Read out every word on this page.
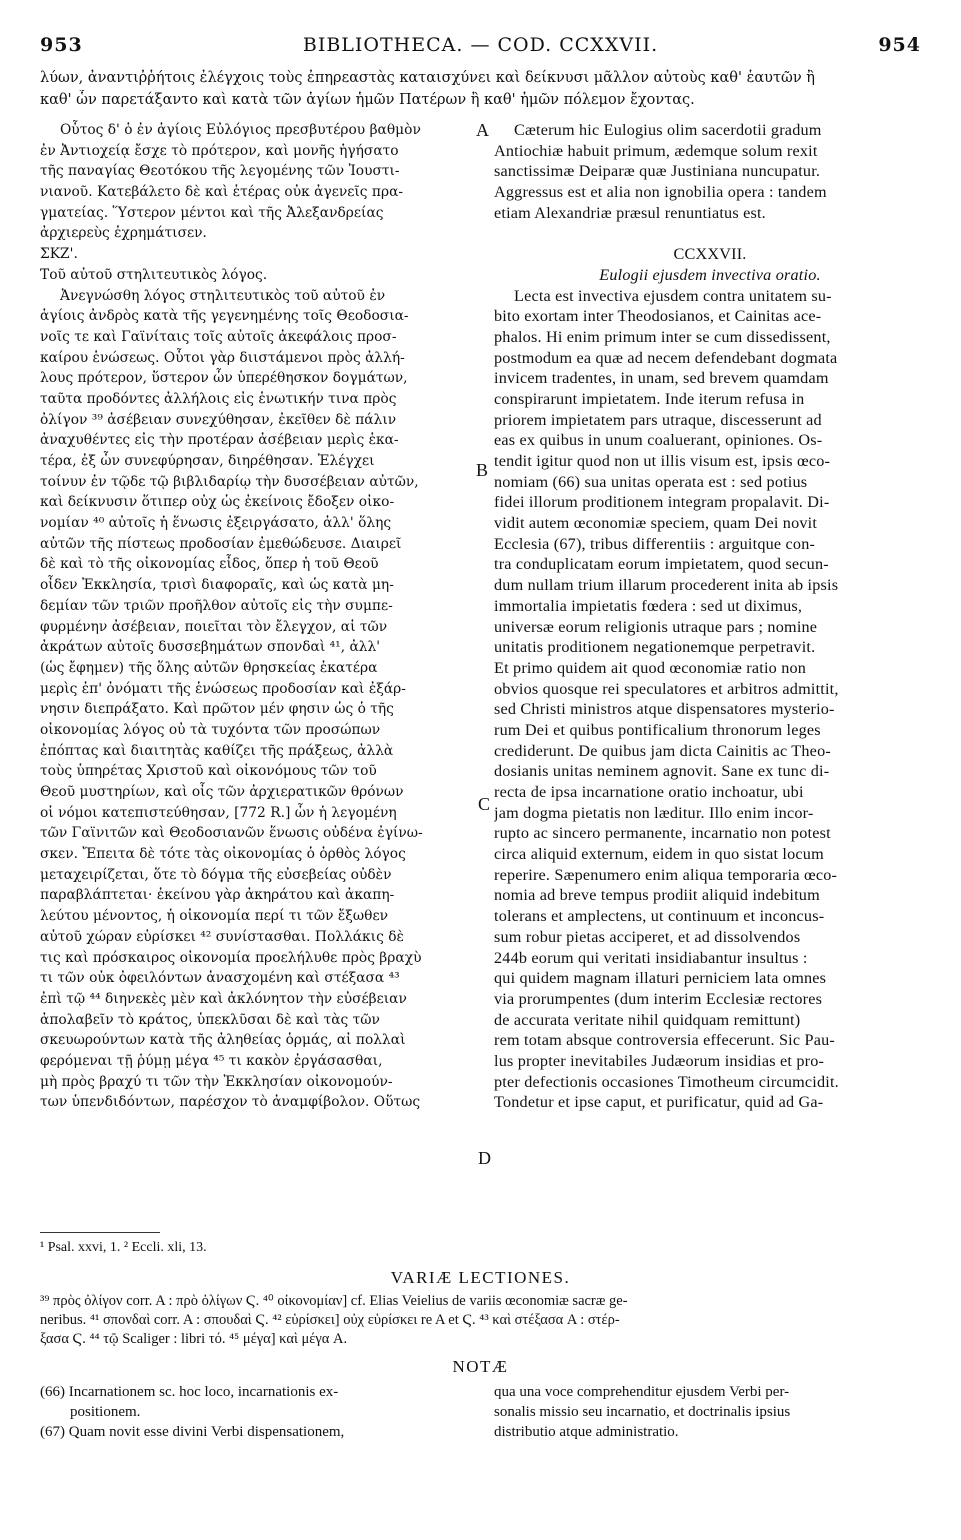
953	BIBLIOTHECA. — COD. CCXXVII.	954
λύων, ἀναντιῤῥήτοις ἐλέγχοις τοὺς ἐπηρεαστὰς καταισχύνει καὶ δείκνυσι μᾶλλον αὐτοὺς καθ' ἑαυτῶν ἢ
καθ' ὧν παρετάξαντο καὶ κατὰ τῶν ἁγίων ἡμῶν Πατέρων ἢ καθ' ἡμῶν πόλεμον ἔχοντας.
Οὗτος δ' ὁ ἐν ἁγίοις Εὐλόγιος πρεσβυτέρου βαθμὸν
ἐν Ἀντιοχείᾳ ἔσχε τὸ πρότερον, καὶ μονῆς ἡγήσατο
τῆς παναγίας Θεοτόκου τῆς λεγομένης τῶν Ἰουστι-
νιανοῦ. Κατεβάλετο δὲ καὶ ἑτέρας οὐκ ἀγενεῖς πρα-
γματείας. Ὕστερον μέντοι καὶ τῆς Ἀλεξανδρείας
ἀρχιερεὺς ἐχρημάτισεν.
ΣΚΖ'.
Τοῦ αὐτοῦ στηλιτευτικὸς λόγος.
Ἀνεγνώσθη λόγος στηλιτευτικὸς τοῦ αὐτοῦ ἐν
ἁγίοις ἀνδρὸς κατὰ τῆς γεγενημένης τοῖς Θεοδοσια-
νοῖς τε καὶ Γαϊνίταις τοῖς αὐτοῖς ἀκεφάλοις προσ-
καίρου ἑνώσεως. Οὗτοι γὰρ διιστάμενοι πρὸς ἀλλή-
λους πρότερον, ὕστερον ὧν ὑπερέθησκον δογμάτων,
ταῦτα προδόντες ἀλλήλοις εἰς ἑνωτικήν τινα πρὸς
ὀλίγον ³⁹ ἀσέβειαν συνεχύθησαν, ἐκεῖθεν δὲ πάλιν
ἀναχυθέντες εἰς τὴν προτέραν ἀσέβειαν μερὶς ἑκα-
τέρα, ἐξ ὧν συνεφύρησαν, διηρέθησαν. Ἐλέγχει
τοίνυν ἐν τῷδε τῷ βιβλιδαρίῳ τὴν δυσσέβειαν αὐτῶν,
καὶ δείκνυσιν ὅτιπερ οὐχ ὡς ἐκείνοις ἔδοξεν οἰκο-
νομίαν ⁴⁰ αὐτοῖς ἡ ἕνωσις ἐξειργάσατο, ἀλλ' ὅλης
αὐτῶν τῆς πίστεως προδοσίαν ἐμεθώδευσε. Διαιρεῖ
δὲ καὶ τὸ τῆς οἰκονομίας εἶδος, ὅπερ ἡ τοῦ Θεοῦ
οἶδεν Ἐκκλησία, τρισὶ διαφοραῖς, καὶ ὡς κατὰ μη-
δεμίαν τῶν τριῶν προῆλθον αὐτοῖς εἰς τὴν συμπε-
φυρμένην ἀσέβειαν, ποιεῖται τὸν ἔλεγχον, αἱ τῶν
ἀκράτων αὐτοῖς δυσσεβημάτων σπονδαὶ ⁴¹, ἀλλ'
(ὡς ἔφημεν) τῆς ὅλης αὐτῶν θρησκείας ἑκατέρα
μερὶς ἐπ' ὀνόματι τῆς ἑνώσεως προδοσίαν καὶ ἐξάρ-
νησιν διεπράξατο. Καὶ πρῶτον μέν φησιν ὡς ὁ τῆς
οἰκονομίας λόγος οὐ τὰ τυχόντα τῶν προσώπων
ἐπόπτας καὶ διαιτητὰς καθίζει τῆς πράξεως, ἀλλὰ
τοὺς ὑπηρέτας Χριστοῦ καὶ οἰκονόμους τῶν τοῦ
Θεοῦ μυστηρίων, καὶ οἷς τῶν ἀρχιερατικῶν θρόνων
οἱ νόμοι κατεπιστεύθησαν, [772 R.] ὧν ἡ λεγομένη
τῶν Γαϊνιτῶν καὶ Θεοδοσιανῶν ἕνωσις οὐδένα ἐγίνω-
σκεν. Ἔπειτα δὲ τότε τὰς οἰκονομίας ὁ ὀρθὸς λόγος
μεταχειρίζεται, ὅτε τὸ δόγμα τῆς εὐσεβείας οὐδὲν
παραβλάπτεται· ἐκείνου γὰρ ἀκηράτου καὶ ἀκαπη-
λεύτου μένοντος, ἡ οἰκονομία περί τι τῶν ἔξωθεν
αὐτοῦ χώραν εὑρίσκει ⁴² συνίστασθαι. Πολλάκις δὲ
τις καὶ πρόσκαιρος οἰκονομία προελήλυθε πρὸς βραχὺ
τι τῶν οὐκ ὀφειλόντων ἀνασχομένη καὶ στέξασα ⁴³
ἐπὶ τῷ ⁴⁴ διηνεκὲς μὲν καὶ ἀκλόνητον τὴν εὐσέβειαν
ἀπολαβεῖν τὸ κράτος, ὑπεκλῦσαι δὲ καὶ τὰς τῶν
σκευωρούντων κατὰ τῆς ἀληθείας ὁρμάς, αἱ πολλαὶ
φερόμεναι τῇ ῥύμῃ μέγα ⁴⁵ τι κακὸν ἐργάσασθαι,
μὴ πρὸς βραχύ τι τῶν τὴν Ἐκκλησίαν οἰκονομούν-
των ὑπενδιδόντων, παρέσχον τὸ ἀναμφίβολον. Οὕτως
Cæterum hic Eulogius olim sacerdotii gradum
Antiochiæ habuit primum, ædemque solum rexit
sanctissimæ Deiparæ quæ Justiniana nuncupatur.
Aggressus est et alia non ignobilia opera : tandem
etiam Alexandriæ præsul renuntiatus est.
CCXXVII.
Eulogii ejusdem invectiva oratio.
Lecta est invectiva ejusdem contra unitatem su-
bito exortam inter Theodosianos, et Cainitas ace-
phalos. Hi enim primum inter se cum dissedissent,
postmodum ea quæ ad necem defendebant dogmata
invicem tradentes, in unam, sed brevem quamdam
conspirarunt impietatem. Inde iterum refusa in
priorem impietatem pars utraque, discesserunt ad
eas ex quibus in unum coaluerant, opiniones. Os-
tendit igitur quod non ut illis visum est, ipsis œco-
nomiam (66) sua unitas operata est : sed potius
fidei illorum proditionem integram propalavit. Di-
vidit autem œconomiæ speciem, quam Dei novit
Ecclesia (67), tribus differentiis : arguitque con-
tra conduplicatam eorum impietatem, quod secun-
dum nullam trium illarum procederent inita ab ipsis
immortalia impietatis fœdera : sed ut diximus,
universæ eorum religionis utraque pars ; nomine
unitatis proditionem negationemque perpetravit.
Et primo quidem ait quod œconomiæ ratio non
obvios quosque rei speculatores et arbitros admittit,
sed Christi ministros atque dispensatores mysterio-
rum Dei et quibus pontificalium thronorum leges
crediderunt. De quibus jam dicta Cainitis ac Theo-
dosianis unitas neminem agnovit. Sane ex tunc di-
recta de ipsa incarnatione oratio inchoatur, ubi
jam dogma pietatis non læditur. Illo enim incor-
rupto ac sincero permanente, incarnatio non potest
circa aliquid externum, eidem in quo sistat locum
reperire. Sæpenumero enim aliqua temporaria œco-
nomia ad breve tempus prodiit aliquid indebitum
tolerans et amplectens, ut continuum et inconcus-
sum robur pietas acciperet, et ad dissolvendos
244b eorum qui veritati insidiabantur insultus :
qui quidem magnam illaturi perniciem lata omnes
via prorumpentes (dum interim Ecclesiæ rectores
de accurata veritate nihil quidquam remittunt)
rem totam absque controversia effecerunt. Sic Pau-
lus propter inevitabiles Judæorum insidias et pro-
pter defectionis occasiones Timotheum circumcidit.
Tondetur et ipse caput, et purificatur, quid ad Ga-
A
B
C
D
¹ Psal. xxvi, 1. ² Eccli. xli, 13.
VARIÆ LECTIONES.
³⁹ πρὸς ὀλίγον corr. A : πρὸ ὀλίγων Ϛ. ⁴⁰ οἰκονομίαν] cf. Elias Veielius de variis œconomiæ sacræ ge-
neribus. ⁴¹ σπονδαὶ corr. A : σπουδαὶ Ϛ. ⁴² εὑρίσκει] οὐχ εὑρίσκει re A et Ϛ. ⁴³ καὶ στέξασα A : στέρ-
ξασα Ϛ. ⁴⁴ τῷ Scaliger : libri τό. ⁴⁵ μέγα] καὶ μέγα A.
NOTÆ
(66) Incarnationem sc. hoc loco, incarnationis ex-
positionem.
(67) Quam novit esse divini Verbi dispensationem,
qua una voce comprehenditur ejusdem Verbi per-
sonalis missio seu incarnatio, et doctrinalis ipsius
distributio atque administratio.
